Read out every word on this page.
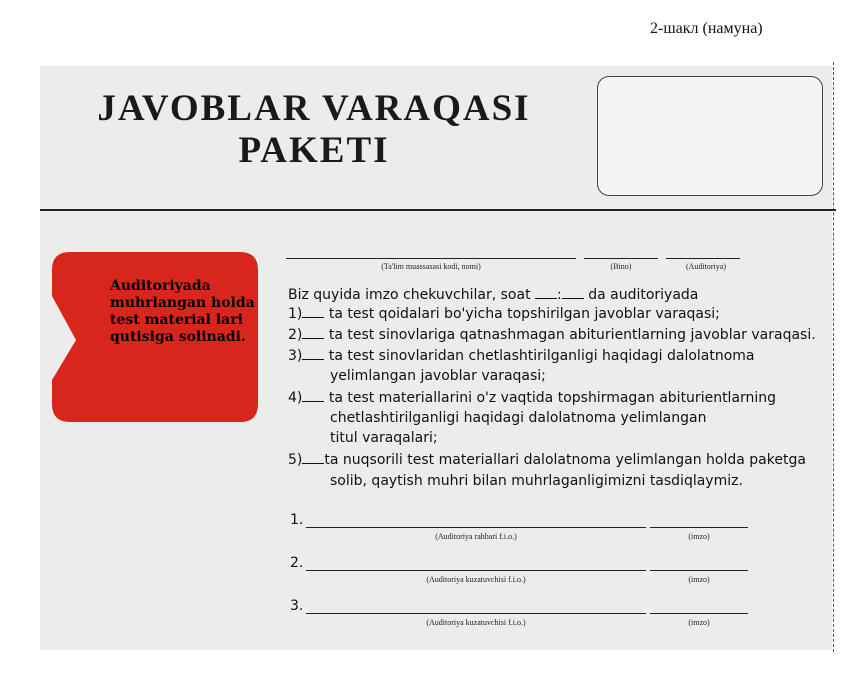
2-шакл (намуна)
JAVOBLAR VARAQASI
PAKETI
Auditoriyada muhrlangan holda test material lari qutisiga solinadi.
(Ta'lim muassasasi kodi, nomi)	(Bino)	(Auditoriya)
Biz quyida imzo chekuvchilar, soat : da auditoriyada
1) ta test qoidalari bo'yicha topshirilgan javoblar varaqasi;
2) ta test sinovlariga qatnashmagan abiturientlarning javoblar varaqasi.
3) ta test sinovlaridan chetlashtirilganligi haqidagi dalolatnoma
yelimlangan javoblar varaqasi;
4) ta test materiallarini o'z vaqtida topshirmagan abiturientlarning
chetlashtirilganligi haqidagi dalolatnoma yelimlangan
titul varaqalari;
5) ta nuqsorili test materiallari dalolatnoma yelimlangan holda paketga
solib, qaytish muhri bilan muhrlaganligimizni tasdiqlaymiz.
1.
(Auditoriya rahbari f.i.o.)	(imzo)
2.
(Auditoriya kuzatuvchisi f.i.o.)	(imzo)
3.
(Auditoriya kuzatuvchisi f.i.o.)	(imzo)
